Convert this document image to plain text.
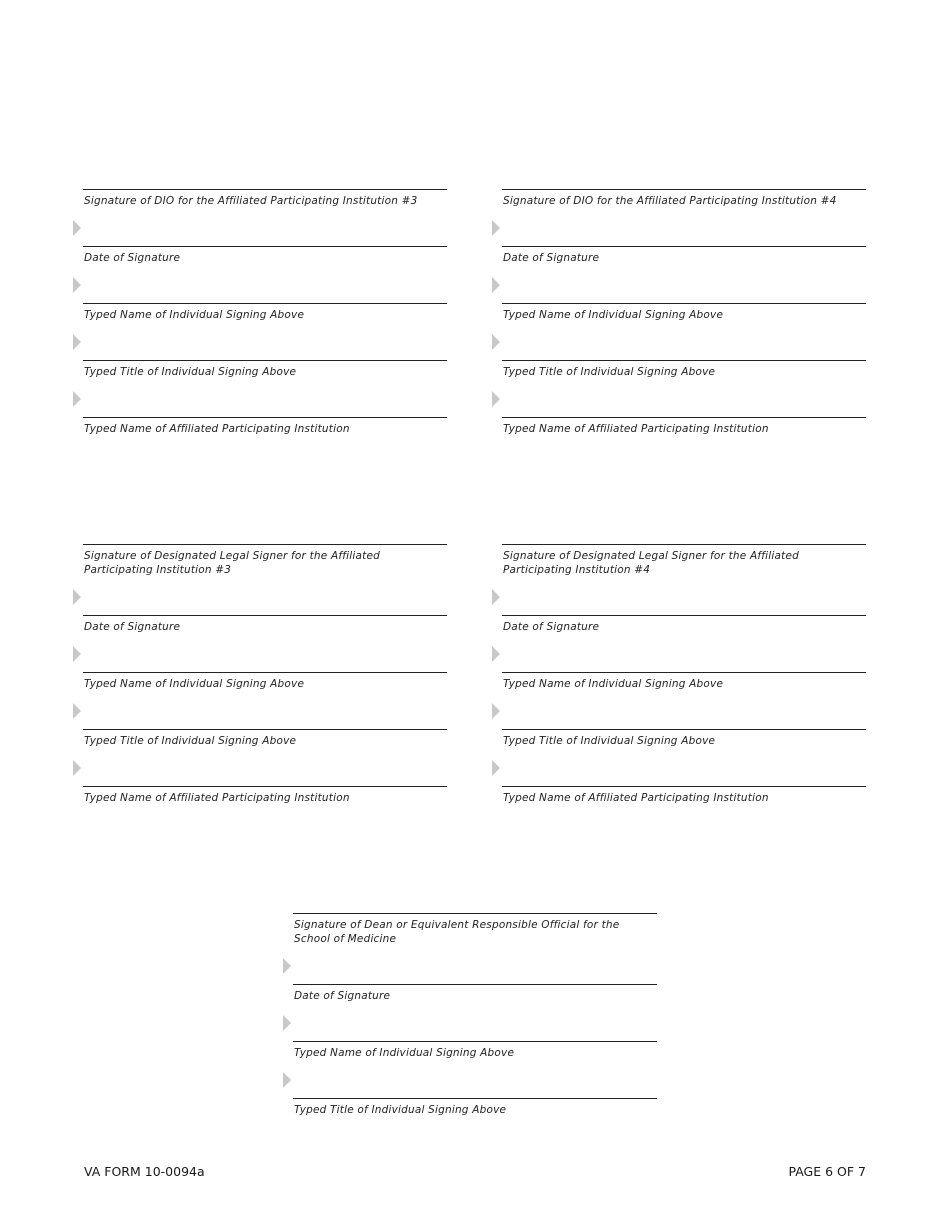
Signature of DIO for the Affiliated Participating Institution #3
Date of Signature
Typed Name of Individual Signing Above
Typed Title of Individual Signing Above
Typed Name of Affiliated Participating Institution
Signature of DIO for the Affiliated Participating Institution #4
Date of Signature
Typed Name of Individual Signing Above
Typed Title of Individual Signing Above
Typed Name of Affiliated Participating Institution
Signature of Designated Legal Signer for the Affiliated Participating Institution #3
Date of Signature
Typed Name of Individual Signing Above
Typed Title of Individual Signing Above
Typed Name of Affiliated Participating Institution
Signature of Designated Legal Signer for the Affiliated Participating Institution #4
Date of Signature
Typed Name of Individual Signing Above
Typed Title of Individual Signing Above
Typed Name of Affiliated Participating Institution
Signature of Dean or Equivalent Responsible Official for the School of Medicine
Date of Signature
Typed Name of Individual Signing Above
Typed Title of Individual Signing Above
VA FORM 10-0094a	PAGE 6 OF 7
